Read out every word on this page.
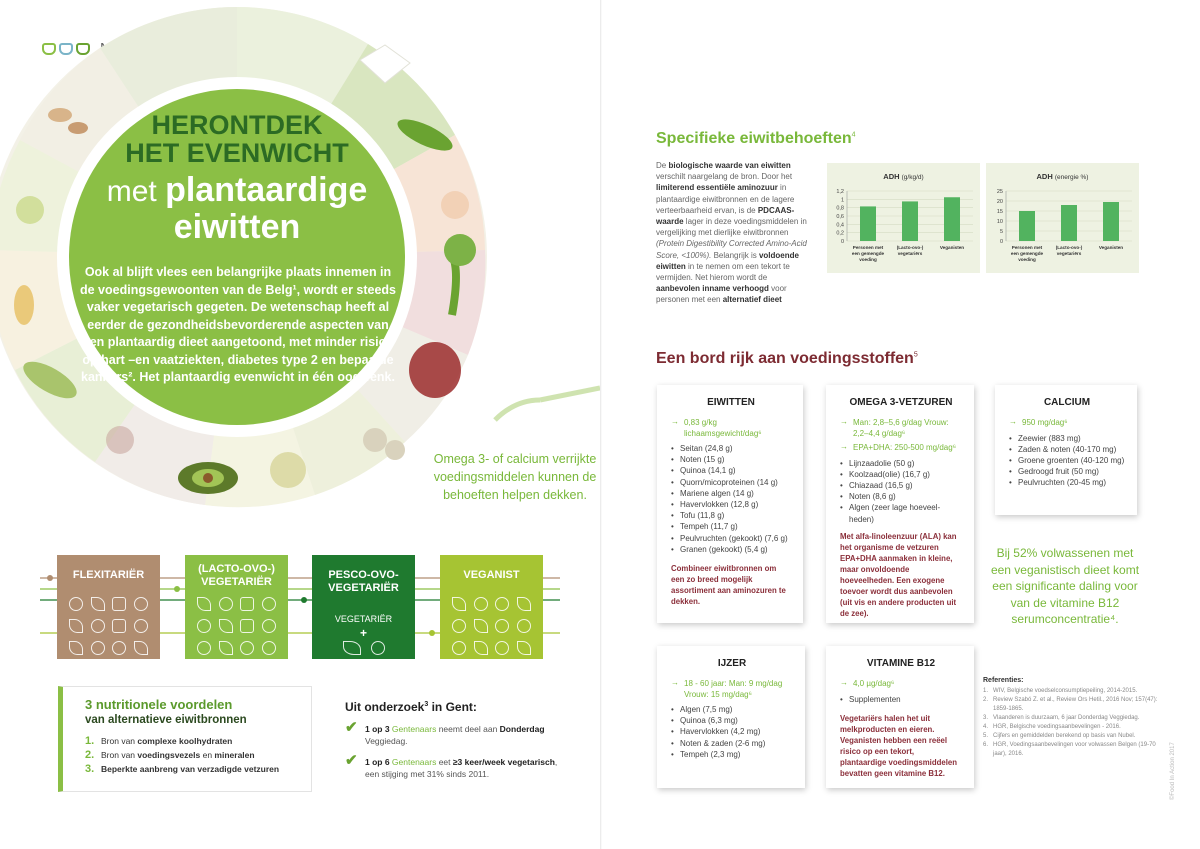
HERONTDEK
HET EVENWICHT
met plantaardige
eiwitten
Ook al blijft vlees een belangrijke plaats innemen in de voedingsgewoonten van de Belg¹, wordt er steeds vaker vegetarisch gegeten. De wetenschap heeft al eerder de gezondheidsbevorderende aspecten van een plantaardig dieet aangetoond, met minder risico op hart –en vaatziekten, diabetes type 2 en bepaalde kankers². Het plantaardig evenwicht in één oogwenk.
Omega 3- of calcium verrijkte voedingsmiddelen kunnen de behoeften helpen dekken.
FLEXITARIËR	(LACTO-OVO-) VEGETARIËR
PESCO-OVO-VEGETARIËR
VEGETARIËR
+
VEGANIST
3 nutritionele voordelen
van alternatieve eiwitbronnen
1. Bron van complexe koolhydraten
2. Bron van voedingsvezels en mineralen
3. Beperkte aanbreng van verzadigde vetzuren
Uit onderzoek$^3$ in Gent:
✔ 1 op 3 Gentenaars neemt deel aan Donderdag Veggiedag.
✔ 1 op 6 Gentenaars eet ≥3 keer/week vegetarisch, een stijging met 31% sinds 2011.
Specifieke eiwitbehoeften$^4$
De biologische waarde van eiwitten verschilt naargelang de bron. Door het limiterend essentiële aminozuur in plantaardige eiwitbronnen en de lagere verteerbaarheid ervan, is de PDCAAS-waarde lager in deze voedingsmiddelen in vergelijking met dierlijke eiwitbronnen (Protein Digestibility Corrected Amino-Acid Score, <100%). Belangrijk is voldoende eiwitten in te nemen om een tekort te vermijden. Net hierom wordt de aanbevolen inname verhoogd voor personen met een alternatief dieet
ADH (g/kg/d)
0
0,2
0,4
0,6
0,8
1
1,2
Personen met
een gemengde
voeding
(Lacto-ovo-)
vegetariërs
Veganisten
ADH (energie %)
0
5
10
15
20
25
Personen met
een gemengde
voeding
(Lacto-ovo-)
vegetariërs
Veganisten
Een bord rijk aan voedingsstoffen$^5$
EIWITTEN
→ 0,83 g/kg lichaamsgewicht/dag⁶
• Seitan (24,8 g)
• Noten (15 g)
• Quinoa (14,1 g)
• Quorn/micoproteinen (14 g)
• Mariene algen (14 g)
• Havervlokken (12,8 g)
• Tofu (11,8 g)
• Tempeh (11,7 g)
• Peulvruchten (gekookt) (7,6 g)
• Granen (gekookt) (5,4 g)
Combineer eiwitbronnen om een zo breed mogelijk assortiment aan aminozuren te dekken.
OMEGA 3-VETZUREN
→ Man: 2,8–5,6 g/dag Vrouw: 2,2–4,4 g/dag⁶
→ EPA+DHA: 250-500 mg/dag⁶
• Lijnzaadolie (50 g)
• Koolzaad(olie) (16,7 g)
• Chiazaad (16,5 g)
• Noten (8,6 g)
• Algen (zeer lage hoeveel-heden)
Met alfa-linoleenzuur (ALA) kan het organisme de vetzuren EPA+DHA aanmaken in kleine, maar onvoldoende hoeveelheden. Een exogene toevoer wordt dus aanbevolen (uit vis en andere producten uit de zee).
CALCIUM
→ 950 mg/dag⁶
• Zeewier (883 mg)
• Zaden & noten (40-170 mg)
• Groene groenten (40-120 mg)
• Gedroogd fruit (50 mg)
• Peulvruchten (20-45 mg)
IJZER
→ 18 - 60 jaar: Man: 9 mg/dag Vrouw: 15 mg/dag⁶
• Algen (7,5 mg)
• Quinoa (6,3 mg)
• Havervlokken (4,2 mg)
• Noten & zaden (2-6 mg)
• Tempeh (2,3 mg)
VITAMINE B12
→ 4,0 µg/dag⁶
• Supplementen
Vegetariërs halen het uit melkproducten en eieren. Veganisten hebben een reëel risico op een tekort, plantaardige voedingsmiddelen bevatten geen vitamine B12.
Bij 52% volwassenen met een veganistisch dieet komt een significante daling voor van de vitamine B12 serumconcentratie⁴.
Referenties:
1. WIV, Belgische voedselconsumptiepeiling, 2014-2015.
2. Review Szabó Z. et al., Review Ors Hetil., 2016 Nov; 157(47): 1859-1865.
3. Vlaanderen is duurzaam, 6 jaar Donderdag Veggiedag.
4. HGR, Belgische voedingsaanbevelingen - 2016.
5. Cijfers en gemiddelden berekend op basis van Nubel.
6. HGR, Voedingsaanbevelingen voor volwassen Belgen (19-70 jaar), 2016.	©Food In Action 2017
